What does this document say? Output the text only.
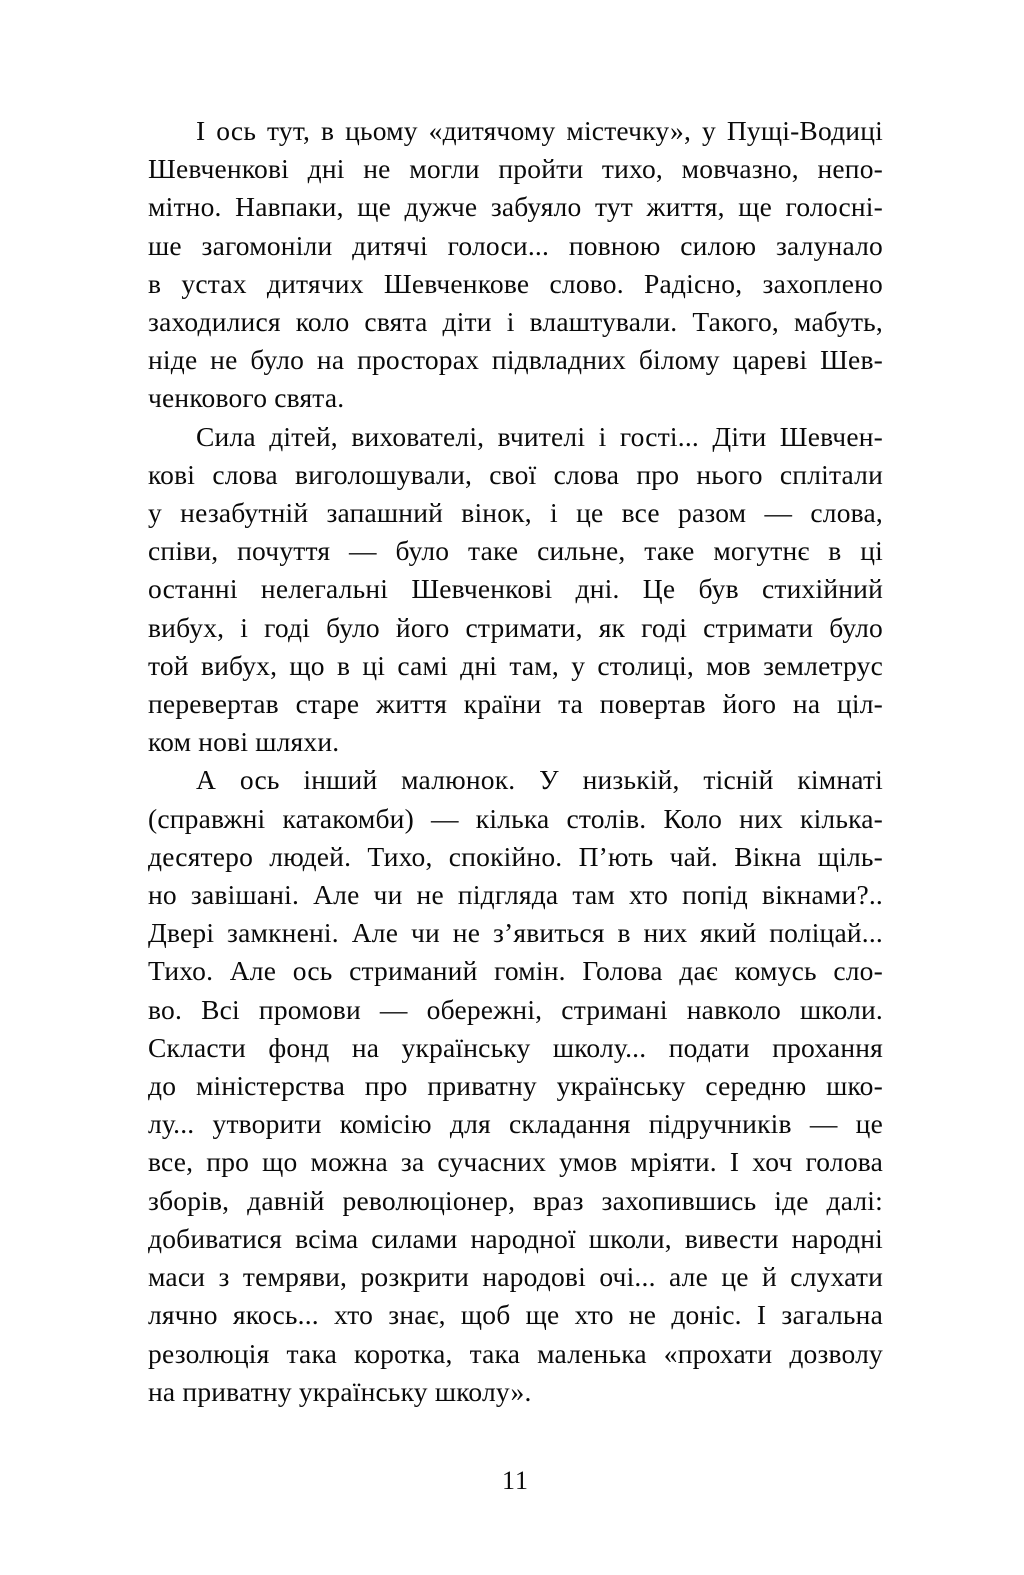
І ось тут, в цьому «дитячому містечку», у Пущі-Водиці
Шевченкові дні не могли пройти тихо, мовчазно, непо-
мітно. Навпаки, ще дужче забуяло тут життя, ще голосні-
ше загомоніли дитячі голоси... повною силою залунало
в устах дитячих Шевченкове слово. Радісно, захоплено
заходилися коло свята діти і влаштували. Такого, мабуть,
ніде не було на просторах підвладних білому цареві Шев-
ченкового свята.
Сила дітей, вихователі, вчителі і гості... Діти Шевчен-
кові слова виголошували, свої слова про нього сплітали
у незабутній запашний вінок, і це все разом — слова,
співи, почуття — було таке сильне, таке могутнє в ці
останні нелегальні Шевченкові дні. Це був стихійний
вибух, і годі було його стримати, як годі стримати було
той вибух, що в ці самі дні там, у столиці, мов землетрус
перевертав старе життя країни та повертав його на ціл-
ком нові шляхи.
А ось інший малюнок. У низькій, тісній кімнаті
(справжні катакомби) — кілька столів. Коло них кілька-
десятеро людей. Тихо, спокійно. П’ють чай. Вікна щіль-
но завішані. Але чи не підгляда там хто попід вікнами?..
Двері замкнені. Але чи не з’явиться в них який поліцай...
Тихо. Але ось стриманий гомін. Голова дає комусь сло-
во. Всі промови — обережні, стримані навколо школи.
Скласти фонд на українську школу... подати прохання
до міністерства про приватну українську середню шко-
лу... утворити комісію для складання підручників — це
все, про що можна за сучасних умов мріяти. І хоч голова
зборів, давній революціонер, враз захопившись іде далі:
добиватися всіма силами народної школи, вивести народні
маси з темряви, розкрити народові очі... але це й слухати
лячно якось... хто знає, щоб ще хто не доніс. І загальна
резолюція така коротка, така маленька «прохати дозволу
на приватну українську школу».
11
